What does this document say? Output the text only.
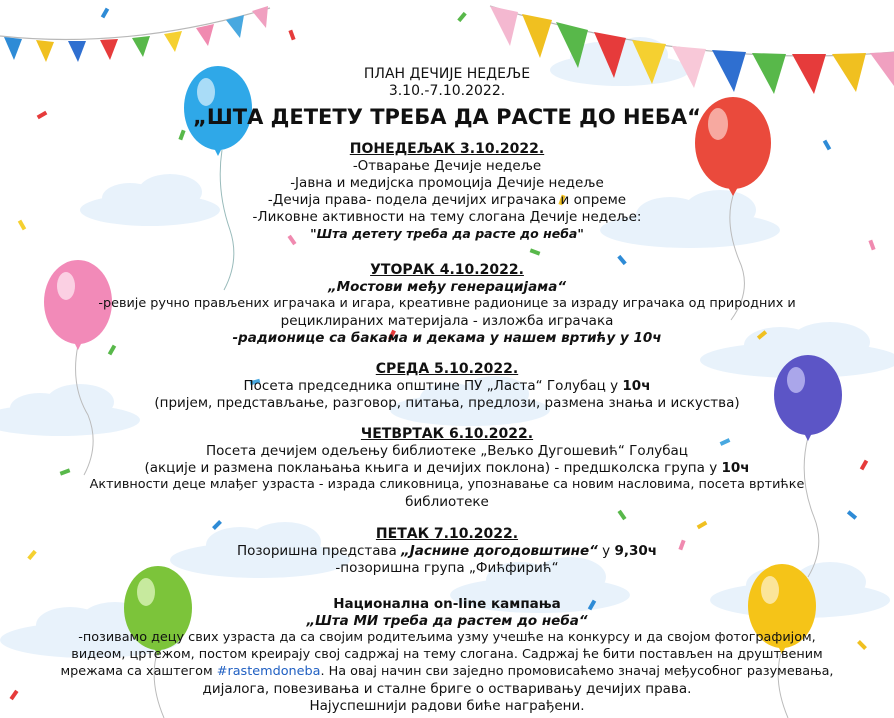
ПЛАН ДЕЧИЈЕ НЕДЕЉЕ
3.10.-7.10.2022.
„ШТА ДЕТЕТУ ТРЕБА ДА РАСТЕ ДО НЕБА“
ПОНЕДЕЉАК 3.10.2022.
-Отварање Дечије недеље
-Јавна и медијска промоција Дечије недеље
-Дечија права- подела дечијих играчака и опреме
-Ликовне активности на тему слогана Дечије недеље:
"Шта детету треба да расте до неба"
УТОРАК 4.10.2022.
„Мостови међу генерацијама“
-ревије ручно прављених играчака и игара, креативне радионице за израду играчака од природних и
рециклираних материјала - изложба играчака
-радионице са бакама и декама у нашем вртићу у 10ч
СРЕДА 5.10.2022.
Посета председника општине ПУ „Ласта“ Голубац у 10ч
(пријем, представљање, разговор, питања, предлози, размена знања и искуства)
ЧЕТВРТАК 6.10.2022.
Посета дечијем одељењу библиотеке „Вељко Дугошевић“ Голубац
(акције и размена поклањања књига и дечијих поклона) - предшколска група у 10ч
Активности деце млађег узраста - израда сликовница, упознавање са новим насловима, посета вртићке
библиотеке
ПЕТАК 7.10.2022.
Позоришна представа „Јаснине догодовштине“ у 9,30ч
-позоришна група „Фићфирић“
Национална on-line кампања
„Шта МИ треба да растем до неба“
-позивамо децу свих узраста да са својим родитељима узму учешће на конкурсу и да својом фотографијом,
видеом, цртежом, постом креирају свој садржај на тему слогана. Садржај ће бити постављен на друштвеним
мрежама са хаштегом #rastemdoneba. На овај начин сви заједно промовисаћемо значај међусобног разумевања,
дијалога, повезивања и сталне бриге о остваривању дечијих права.
Најуспешнији радови биће награђени.
